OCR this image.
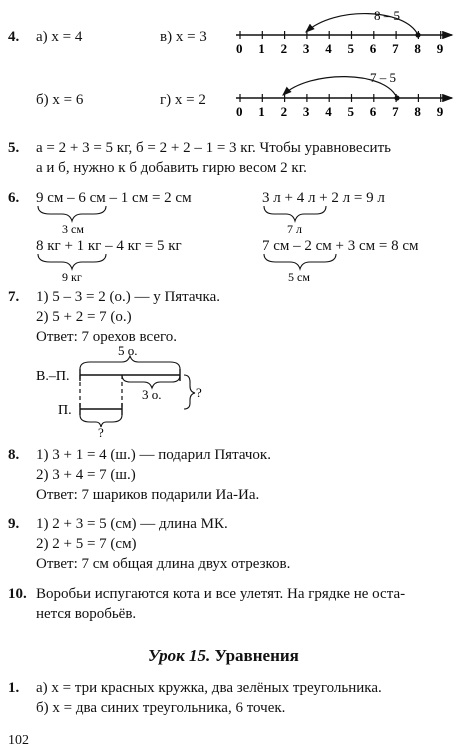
4. а) x = 4	в) x = 3
б) x = 6	г) x = 2
8 – 5
0 1 2 3 4 5 6 7 8 9
7 – 5
0 1 2 3 4 5 6 7 8 9
5. a = 2 + 3 = 5 кг, б = 2 + 2 – 1 = 3 кг. Чтобы уравновесить
a и б, нужно к б добавить гирю весом 2 кг.
6. 9 см – 6 см – 1 см = 2 см	3 л + 4 л + 2 л = 9 л
8 кг + 1 кг – 4 кг = 5 кг	7 см – 2 см + 3 см = 8 см
3 см	7 л
9 кг	5 см
7. 1) 5 – 3 = 2 (о.) — у Пятачка.
2) 5 + 2 = 7 (о.)
Ответ: 7 орехов всего.
В.–П.
П.
5 о.
3 о.
?
?
8. 1) 3 + 1 = 4 (ш.) — подарил Пятачок.
2) 3 + 4 = 7 (ш.)
Ответ: 7 шариков подарили Иа-Иа.
9. 1) 2 + 3 = 5 (см) — длина МК.
2) 2 + 5 = 7 (см)
Ответ: 7 см общая длина двух отрезков.
10. Воробьи испугаются кота и все улетят. На грядке не оста-
нется воробьёв.
Урок 15. Уравнения
1. а) x = три красных кружка, два зелёных треугольника.
б) x = два синих треугольника, 6 точек.
102
